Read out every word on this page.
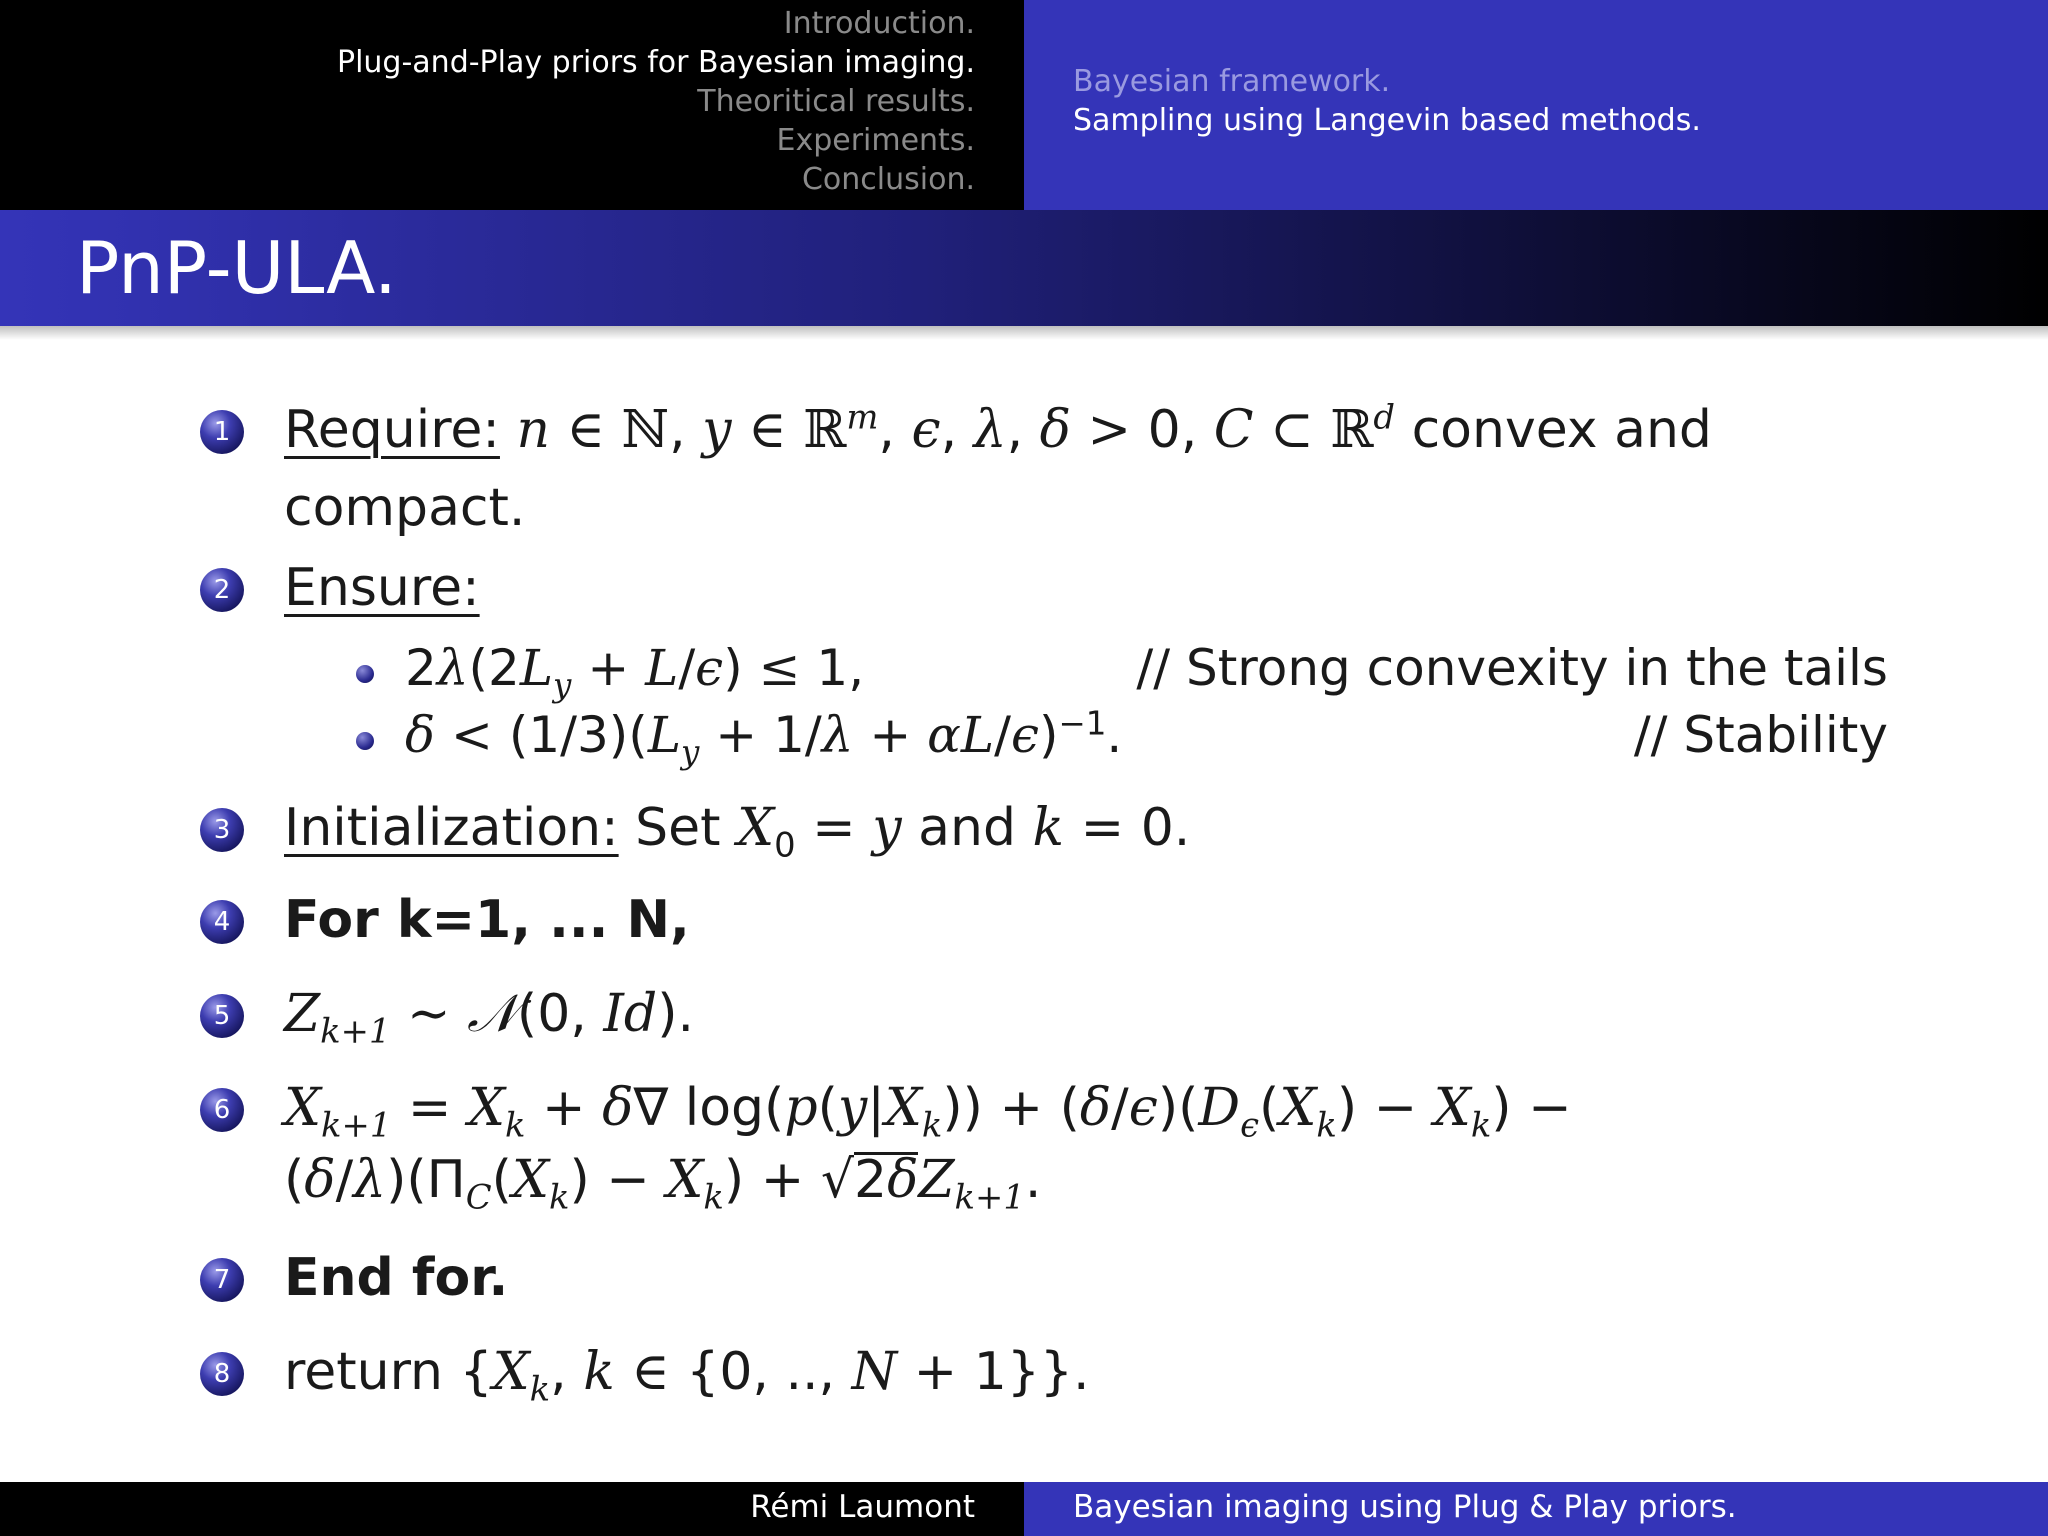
Introduction.
Plug-and-Play priors for Bayesian imaging.
Theoritical results.
Experiments.
Conclusion.
Bayesian framework.
Sampling using Langevin based methods.
PnP-ULA.
1 Require: n ∈ ℕ, y ∈ ℝ$^m$, ϵ, λ, δ > 0, C ⊂ ℝ$^d$ convex and
compact.
2 Ensure:
$2\lambda(2L_y + L/\epsilon) \le 1$,	// Strong convexity in the tails
$\delta < (1/3)(L_y + 1/\lambda + \alpha L/\epsilon)^{-1}$.	// Stability
3 Initialization: Set $X_0 = y$ and k = 0.
4 For k=1, ... N,
5 $Z_{k+1}$ ∼ 𝒩(0, Id).
6 $X_{k+1} = X_k + \delta\nabla$ $\log(p(y|X_k)) + (\delta/\epsilon)(D_\epsilon(X_k) - X_k)$ −
$(\delta/\lambda)(\Pi_C(X_k) - X_k) + √2\delta Z_{k+1}$.
7 End for.
8 return {$X_k$, k ∈ {0, .., N + 1}}.
Rémi Laumont	Bayesian imaging using Plug & Play priors.
